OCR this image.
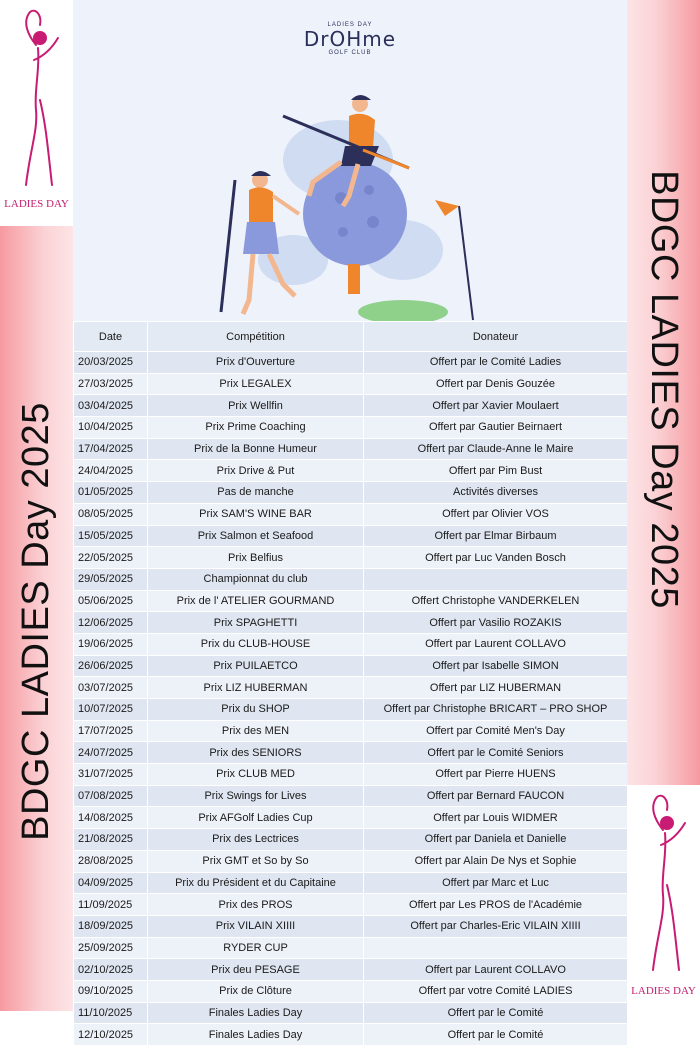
LADIES DAY
BDGC LADIES Day 2025
LADIES DAY
DrOHme
GOLF CLUB
Date	Compétition	Donateur
20/03/2025	Prix d'Ouverture	Offert par le Comité Ladies
27/03/2025	Prix LEGALEX	Offert par Denis Gouzée
03/04/2025	Prix Wellfin	Offert par Xavier Moulaert
10/04/2025	Prix Prime Coaching	Offert par Gautier Beirnaert
17/04/2025	Prix de la Bonne Humeur	Offert par Claude-Anne le Maire
24/04/2025	Prix Drive & Put	Offert par Pim Bust
01/05/2025	Pas de manche	Activités diverses
08/05/2025	Prix SAM'S WINE BAR	Offert par Olivier VOS
15/05/2025	Prix Salmon et Seafood	Offert par Elmar Birbaum
22/05/2025	Prix Belfius	Offert par Luc Vanden Bosch
29/05/2025	Championnat du club	
05/06/2025	Prix de l' ATELIER GOURMAND	Offert Christophe VANDERKELEN
12/06/2025	Prix SPAGHETTI	Offert par Vasilio ROZAKIS
19/06/2025	Prix du CLUB-HOUSE	Offert par Laurent COLLAVO
26/06/2025	Prix PUILAETCO	Offert par Isabelle SIMON
03/07/2025	Prix LIZ HUBERMAN	Offert par LIZ HUBERMAN
10/07/2025	Prix du SHOP	Offert par Christophe BRICART – PRO SHOP
17/07/2025	Prix des MEN	Offert par Comité Men's Day
24/07/2025	Prix des SENIORS	Offert par le Comité Seniors
31/07/2025	Prix CLUB MED	Offert par Pierre HUENS
07/08/2025	Prix Swings for Lives	Offert par Bernard FAUCON
14/08/2025	Prix AFGolf Ladies Cup	Offert par Louis WIDMER
21/08/2025	Prix des Lectrices	Offert par Daniela et Danielle
28/08/2025	Prix GMT et So by So	Offert par Alain De Nys et Sophie
04/09/2025	Prix du Président et du Capitaine	Offert par Marc et Luc
11/09/2025	Prix des PROS	Offert par Les PROS de l'Académie
18/09/2025	Prix VILAIN XIIII	Offert par Charles-Eric VILAIN XIIII
25/09/2025	RYDER CUP	
02/10/2025	Prix deu PESAGE	Offert par Laurent COLLAVO
09/10/2025	Prix de Clôture	Offert par votre Comité LADIES
11/10/2025	Finales Ladies Day	Offert par le Comité
12/10/2025	Finales Ladies Day	Offert par le Comité
BDGC LADIES Day 2025
LADIES DAY
